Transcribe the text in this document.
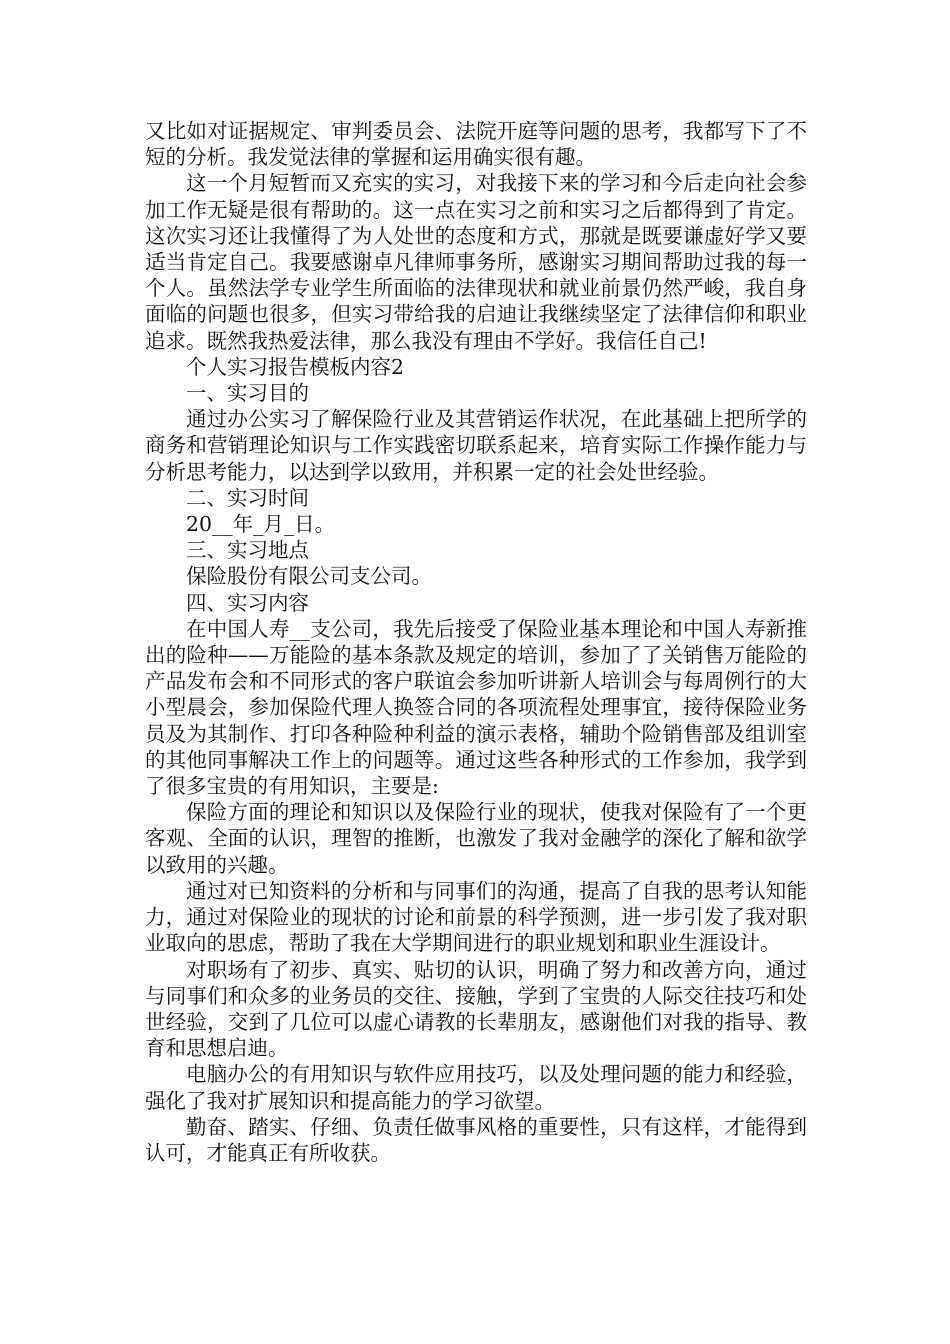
又比如对证据规定、审判委员会、法院开庭等问题的思考，我都写下了不短的分析。我发觉法律的掌握和运用确实很有趣。

这一个月短暂而又充实的实习，对我接下来的学习和今后走向社会参加工作无疑是很有帮助的。这一点在实习之前和实习之后都得到了肯定。这次实习还让我懂得了为人处世的态度和方式，那就是既要谦虚好学又要适当肯定自己。我要感谢卓凡律师事务所，感谢实习期间帮助过我的每一个人。虽然法学专业学生所面临的法律现状和就业前景仍然严峻，我自身面临的问题也很多，但实习带给我的启迪让我继续坚定了法律信仰和职业追求。既然我热爱法律，那么我没有理由不学好。我信任自己!

个人实习报告模板内容2

一、实习目的

通过办公实习了解保险行业及其营销运作状况，在此基础上把所学的商务和营销理论知识与工作实践密切联系起来，培育实际工作操作能力与分析思考能力，以达到学以致用，并积累一定的社会处世经验。

二、实习时间

20__年_月_日。

三、实习地点

保险股份有限公司支公司。

四、实习内容

在中国人寿__支公司，我先后接受了保险业基本理论和中国人寿新推出的险种——万能险的基本条款及规定的培训，参加了了关销售万能险的产品发布会和不同形式的客户联谊会参加听讲新人培训会与每周例行的大小型晨会，参加保险代理人换签合同的各项流程处理事宜，接待保险业务员及为其制作、打印各种险种利益的演示表格，辅助个险销售部及组训室的其他同事解决工作上的问题等。通过这些各种形式的工作参加，我学到了很多宝贵的有用知识，主要是:

保险方面的理论和知识以及保险行业的现状，使我对保险有了一个更客观、全面的认识，理智的推断，也激发了我对金融学的深化了解和欲学以致用的兴趣。

通过对已知资料的分析和与同事们的沟通，提高了自我的思考认知能力，通过对保险业的现状的讨论和前景的科学预测，进一步引发了我对职业取向的思虑，帮助了我在大学期间进行的职业规划和职业生涯设计。

对职场有了初步、真实、贴切的认识，明确了努力和改善方向，通过与同事们和众多的业务员的交往、接触，学到了宝贵的人际交往技巧和处世经验，交到了几位可以虚心请教的长辈朋友，感谢他们对我的指导、教育和思想启迪。

电脑办公的有用知识与软件应用技巧，以及处理问题的能力和经验，强化了我对扩展知识和提高能力的学习欲望。

勤奋、踏实、仔细、负责任做事风格的重要性，只有这样，才能得到认可，才能真正有所收获。
